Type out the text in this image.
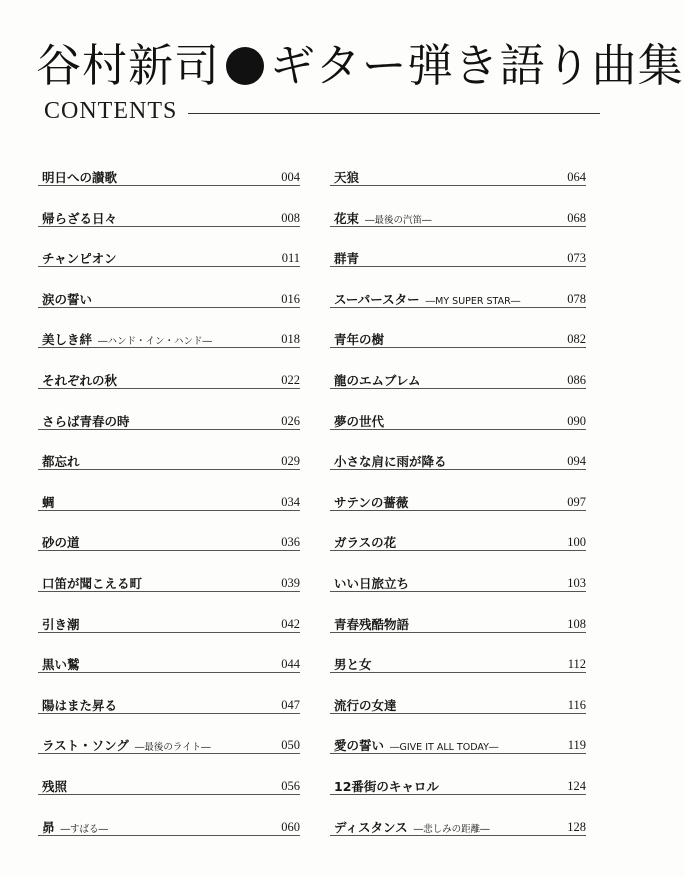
谷村新司 ギター弾き語り曲集
CONTENTS
明日への讃歌	004
帰らざる日々	008
チャンピオン	011
涙の誓い	016
美しき絆 ―ハンド・イン・ハンド―	018
それぞれの秋	022
さらば青春の時	026
都忘れ	029
蜩	034
砂の道	036
口笛が聞こえる町	039
引き潮	042
黒い鷲	044
陽はまた昇る	047
ラスト・ソング ―最後のライト―	050
残照	056
昴 ―すばる―	060
天狼	064
花束 ―最後の汽笛―	068
群青	073
スーパースター ―MY SUPER STAR―	078
青年の樹	082
龍のエムブレム	086
夢の世代	090
小さな肩に雨が降る	094
サテンの薔薇	097
ガラスの花	100
いい日旅立ち	103
青春残酷物語	108
男と女	112
流行の女達	116
愛の誓い ―GIVE IT ALL TODAY―	119
12番街のキャロル	124
ディスタンス ―悲しみの距離―	128
